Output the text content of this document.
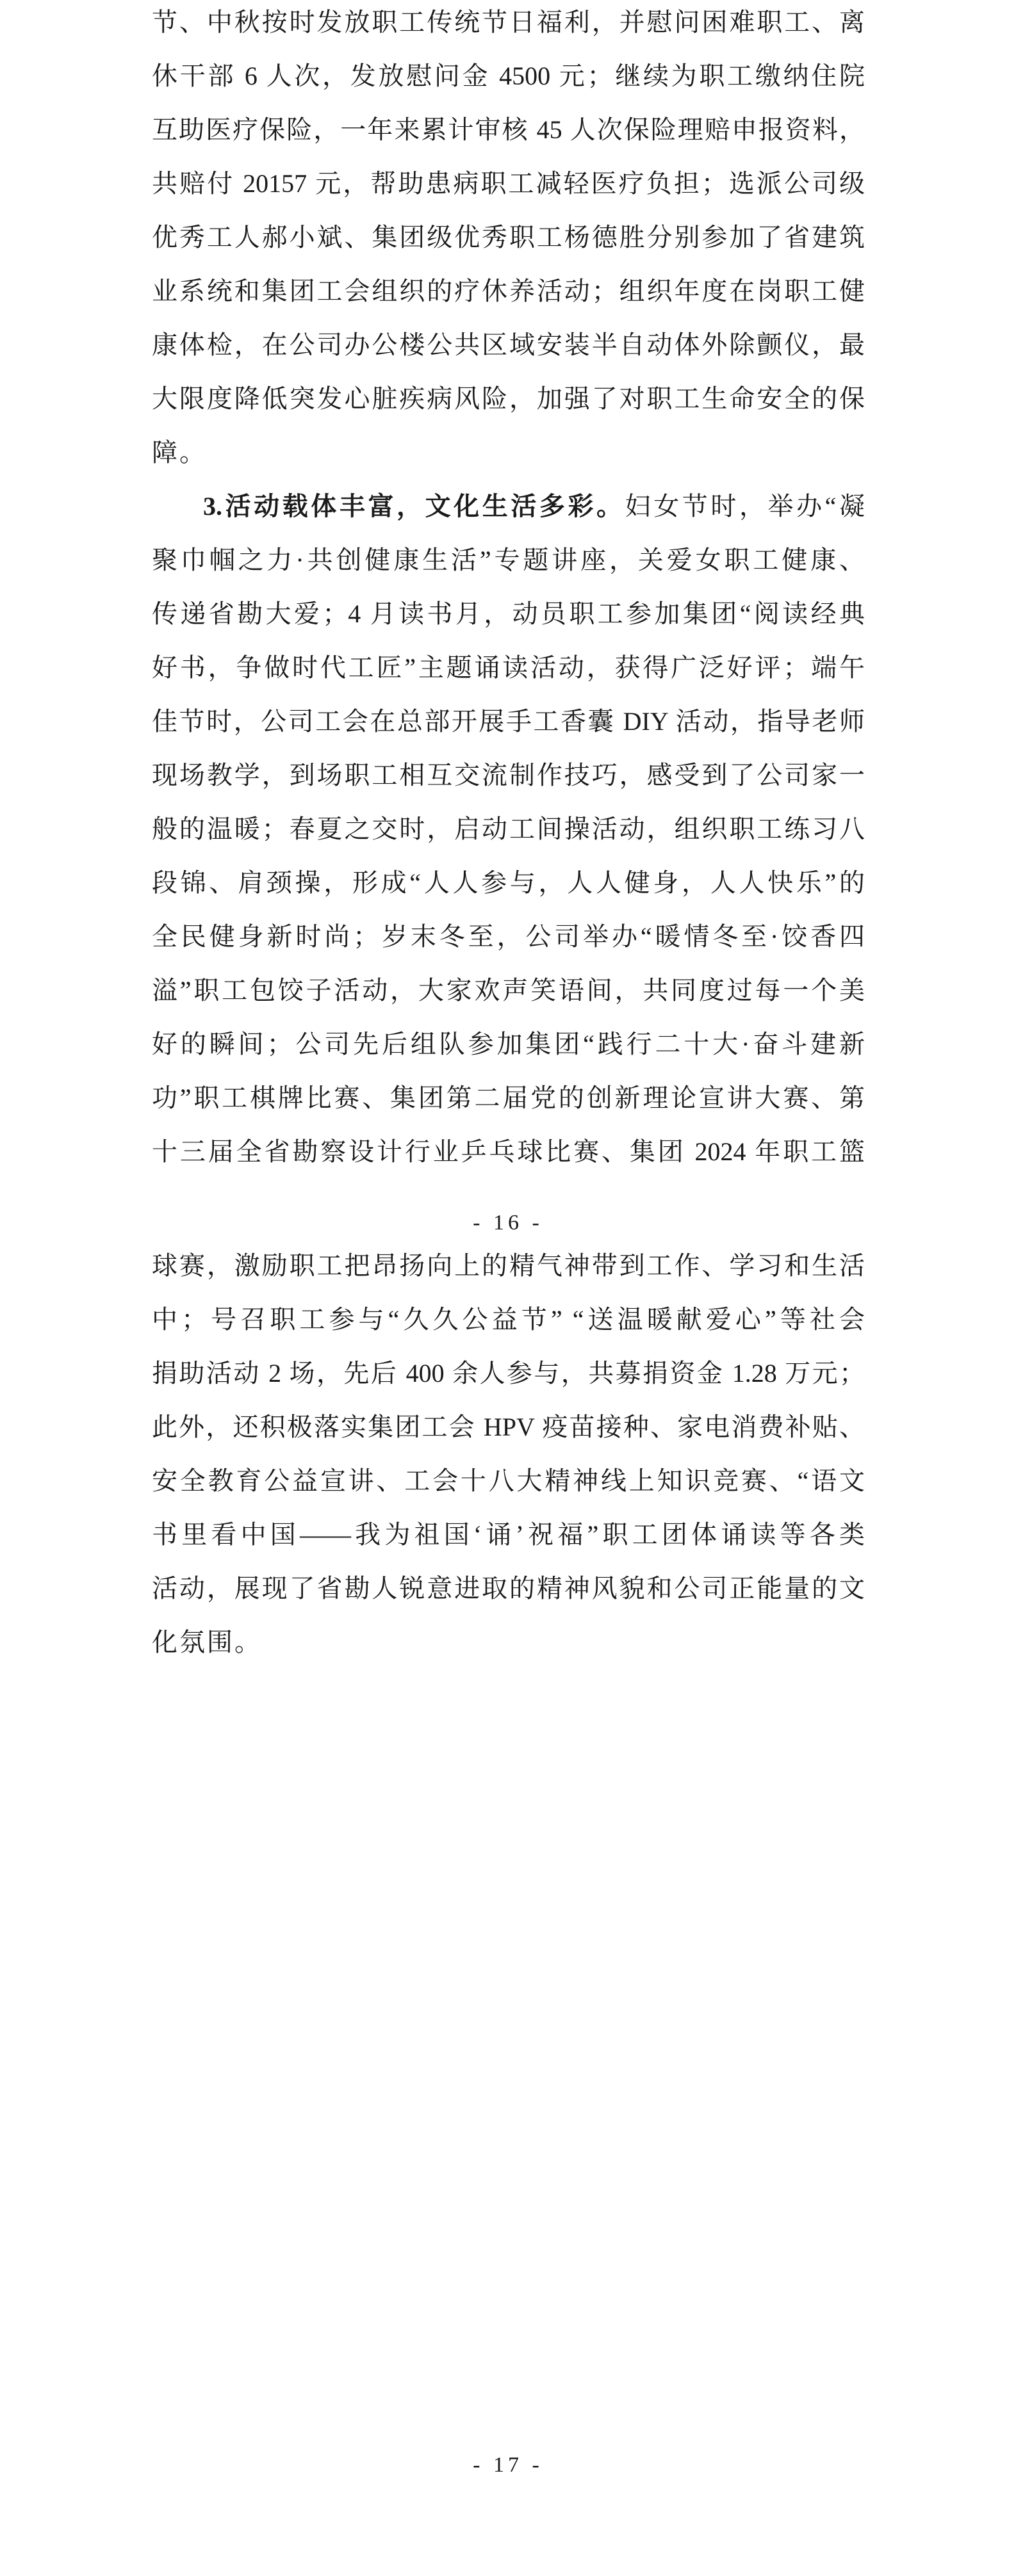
节、中秋按时发放职工传统节日福利，并慰问困难职工、离
休干部 6 人次，发放慰问金 4500 元；继续为职工缴纳住院
互助医疗保险，一年来累计审核 45 人次保险理赔申报资料，
共赔付 20157 元，帮助患病职工减轻医疗负担；选派公司级
优秀工人郝小斌、集团级优秀职工杨德胜分别参加了省建筑
业系统和集团工会组织的疗休养活动；组织年度在岗职工健
康体检，在公司办公楼公共区域安装半自动体外除颤仪，最
大限度降低突发心脏疾病风险，加强了对职工生命安全的保
障。
3.活动载体丰富，文化生活多彩。妇女节时，举办“凝
聚巾帼之力·共创健康生活”专题讲座，关爱女职工健康、
传递省勘大爱；4 月读书月，动员职工参加集团“阅读经典
好书，争做时代工匠”主题诵读活动，获得广泛好评；端午
佳节时，公司工会在总部开展手工香囊 DIY 活动，指导老师
现场教学，到场职工相互交流制作技巧，感受到了公司家一
般的温暖；春夏之交时，启动工间操活动，组织职工练习八
段锦、肩颈操，形成“人人参与，人人健身，人人快乐”的
全民健身新时尚；岁末冬至，公司举办“暖情冬至·饺香四
溢”职工包饺子活动，大家欢声笑语间，共同度过每一个美
好的瞬间；公司先后组队参加集团“践行二十大·奋斗建新
功”职工棋牌比赛、集团第二届党的创新理论宣讲大赛、第
十三届全省勘察设计行业乒乓球比赛、集团 2024 年职工篮
- 16 -
球赛，激励职工把昂扬向上的精气神带到工作、学习和生活
中；号召职工参与“久久公益节” “送温暖献爱心”等社会
捐助活动 2 场，先后 400 余人参与，共募捐资金 1.28 万元；
此外，还积极落实集团工会 HPV 疫苗接种、家电消费补贴、
安全教育公益宣讲、工会十八大精神线上知识竞赛、“语文
书里看中国——我为祖国‘诵’祝福”职工团体诵读等各类
活动，展现了省勘人锐意进取的精神风貌和公司正能量的文
化氛围。
- 17 -
